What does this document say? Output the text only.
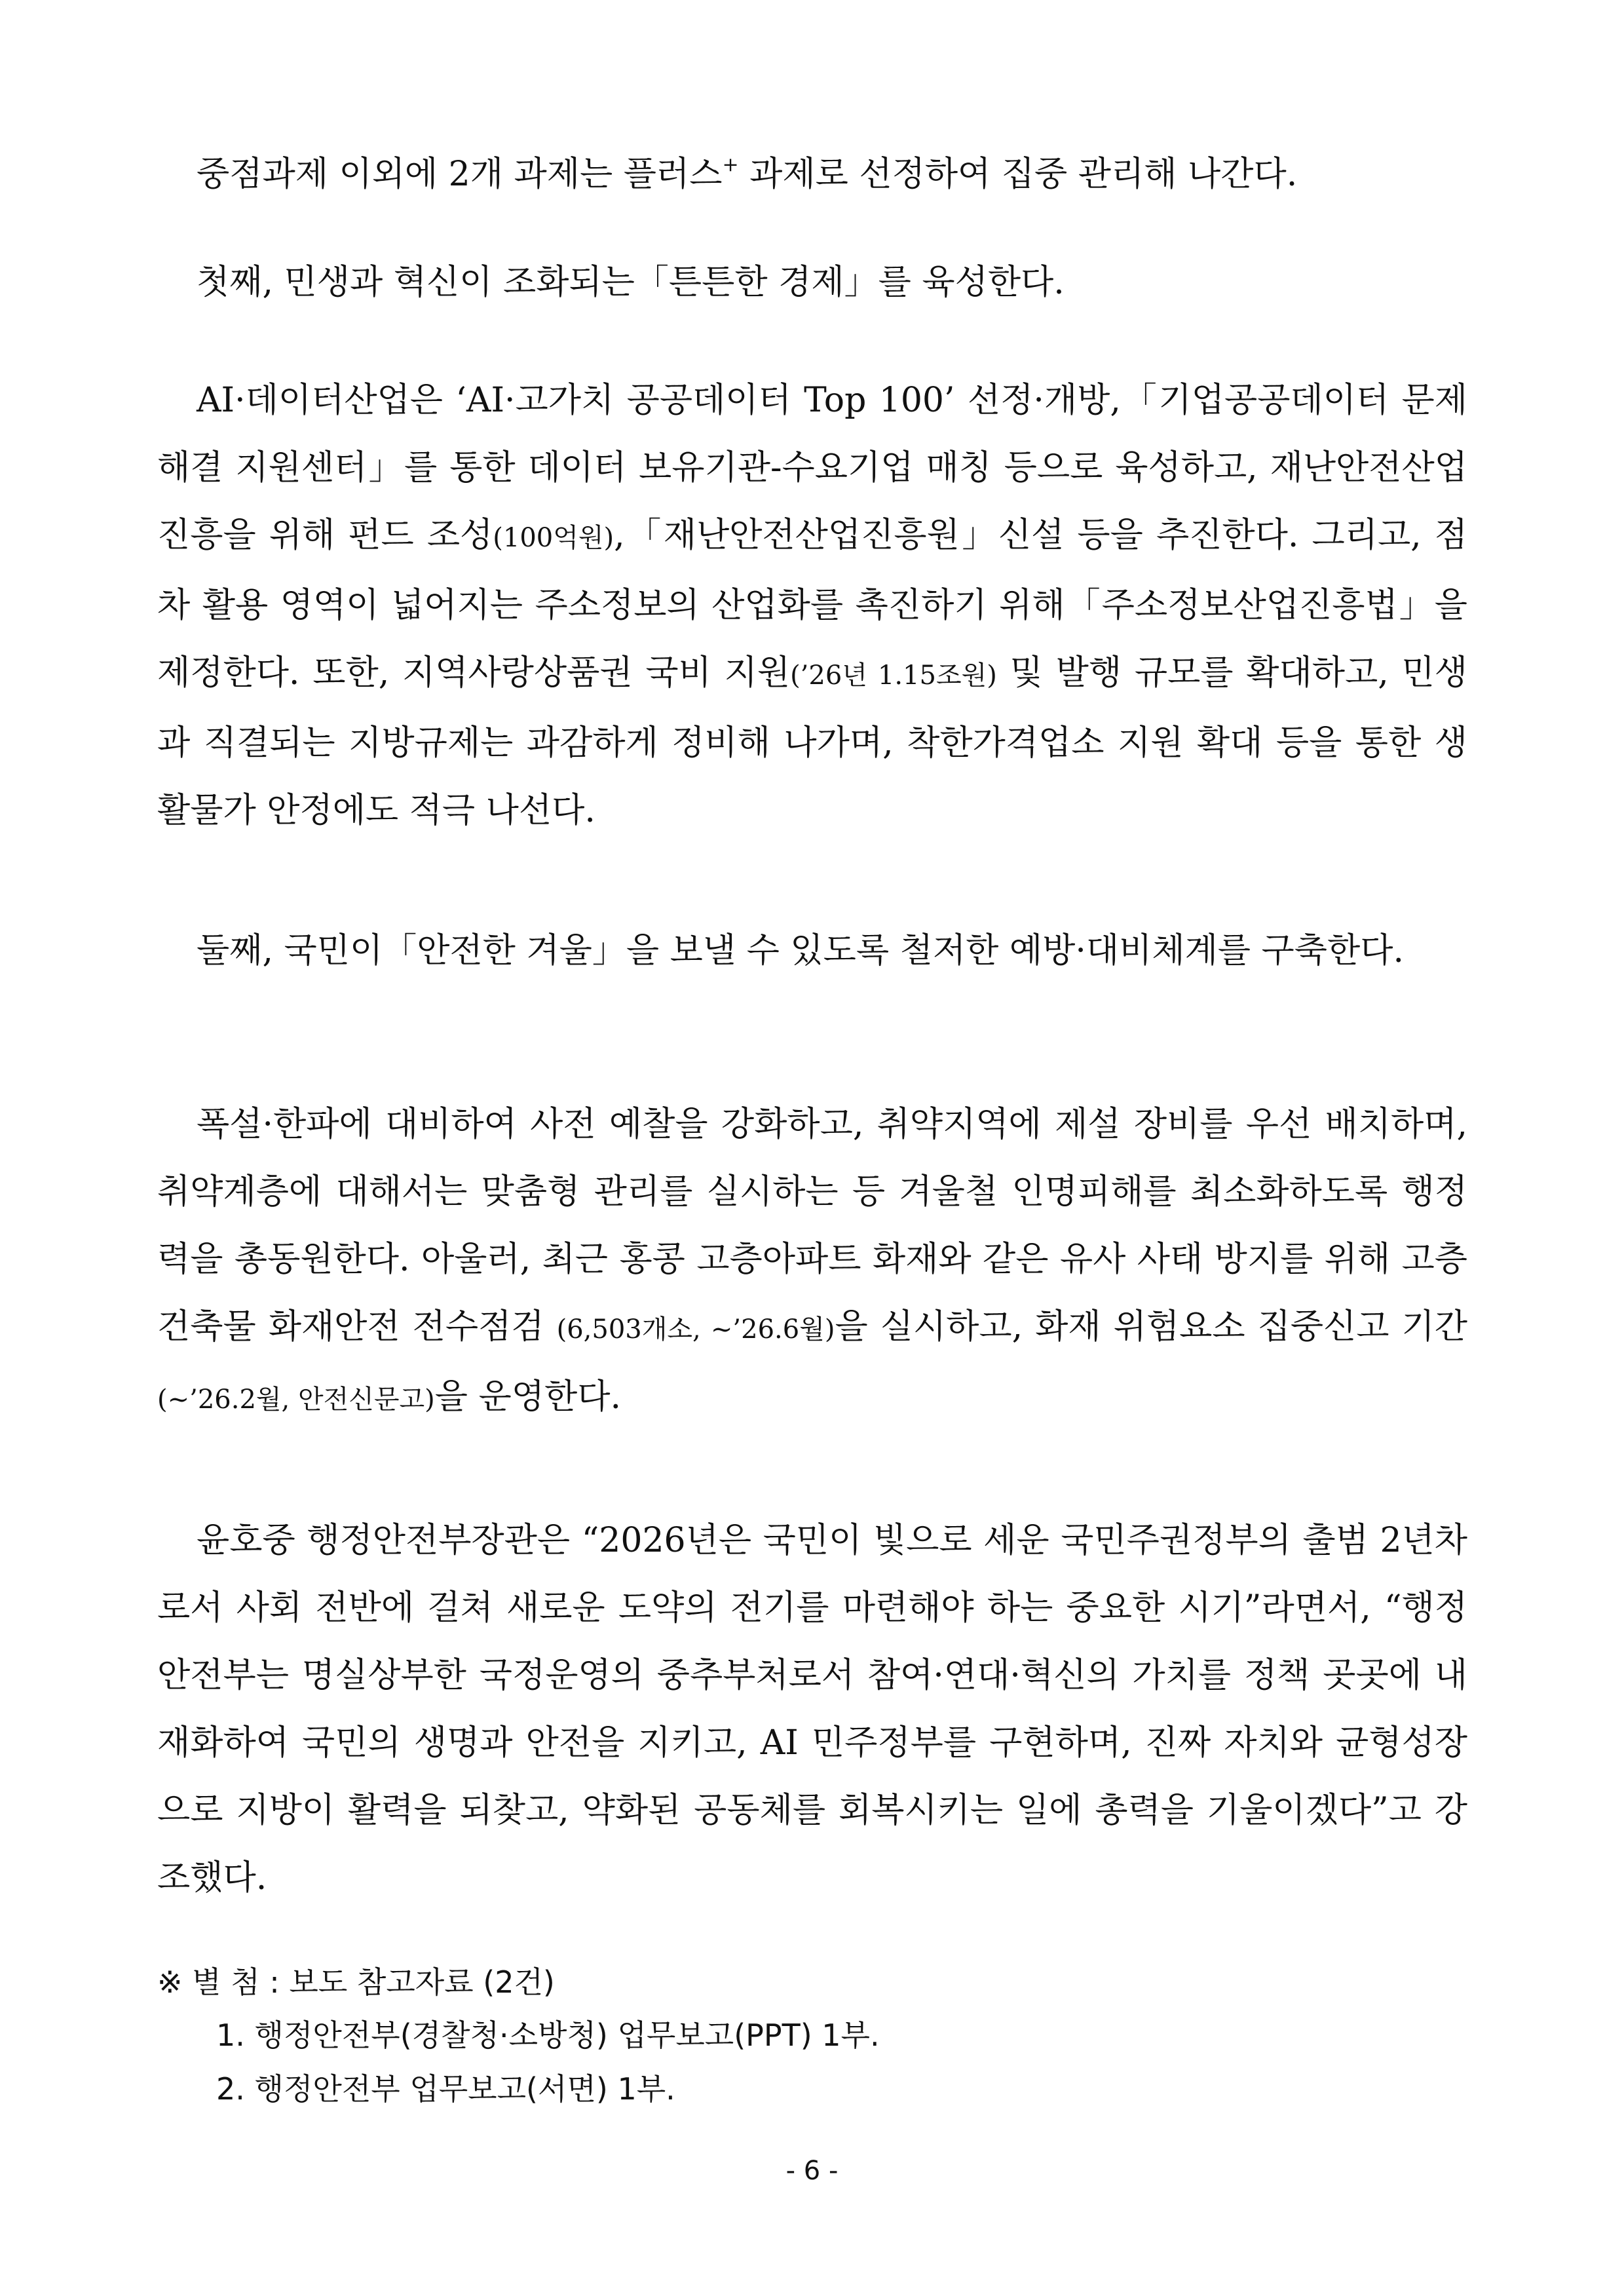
중점과제 이외에 2개 과제는 플러스+ 과제로 선정하여 집중 관리해 나간다.

첫째, 민생과 혁신이 조화되는「튼튼한 경제」를 육성한다.

AI·데이터산업은 ‘AI·고가치 공공데이터 Top 100’ 선정·개방,「기업공공데이터 문제해결 지원센터」를 통한 데이터 보유기관-수요기업 매칭 등으로 육성하고, 재난안전산업 진흥을 위해 펀드 조성(100억원),「재난안전산업진흥원」신설 등을 추진한다. 그리고, 점차 활용 영역이 넓어지는 주소정보의 산업화를 촉진하기 위해「주소정보산업진흥법」을 제정한다. 또한, 지역사랑상품권 국비 지원(’26년 1.15조원) 및 발행 규모를 확대하고, 민생과 직결되는 지방규제는 과감하게 정비해 나가며, 착한가격업소 지원 확대 등을 통한 생활물가 안정에도 적극 나선다.

둘째, 국민이「안전한 겨울」을 보낼 수 있도록 철저한 예방·대비체계를 구축한다.

폭설·한파에 대비하여 사전 예찰을 강화하고, 취약지역에 제설 장비를 우선 배치하며, 취약계층에 대해서는 맞춤형 관리를 실시하는 등 겨울철 인명피해를 최소화하도록 행정력을 총동원한다. 아울러, 최근 홍콩 고층아파트 화재와 같은 유사 사태 방지를 위해 고층건축물 화재안전 전수점검 (6,503개소, ~’26.6월)을 실시하고, 화재 위험요소 집중신고 기간(~’26.2월, 안전신문고)을 운영한다.

윤호중 행정안전부장관은 “2026년은 국민이 빛으로 세운 국민주권정부의 출범 2년차로서 사회 전반에 걸쳐 새로운 도약의 전기를 마련해야 하는 중요한 시기”라면서, “행정안전부는 명실상부한 국정운영의 중추부처로서 참여·연대·혁신의 가치를 정책 곳곳에 내재화하여 국민의 생명과 안전을 지키고, AI 민주정부를 구현하며, 진짜 자치와 균형성장으로 지방이 활력을 되찾고, 약화된 공동체를 회복시키는 일에 총력을 기울이겠다”고 강조했다.

※ 별 첨 : 보도 참고자료 (2건)
1. 행정안전부(경찰청·소방청) 업무보고(PPT) 1부.
2. 행정안전부 업무보고(서면) 1부.
- 6 -
